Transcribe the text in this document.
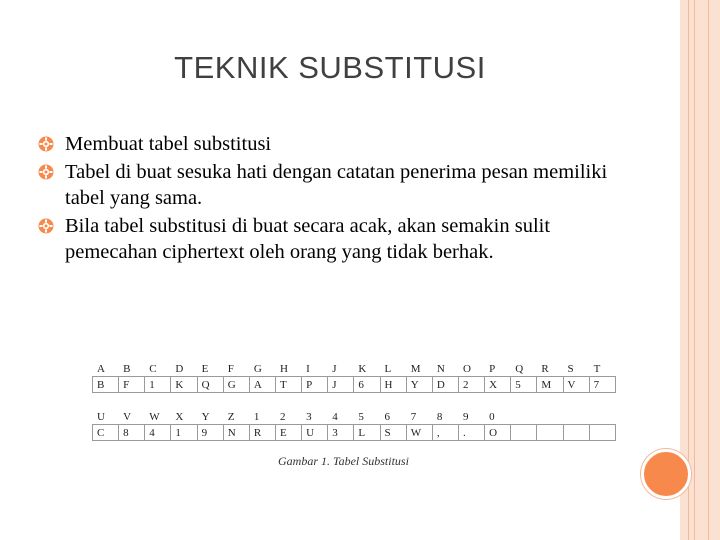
TEKNIK SUBSTITUSI
Membuat tabel substitusi
Tabel di buat sesuka hati dengan catatan penerima pesan memiliki tabel yang sama.
Bila tabel substitusi di buat secara acak, akan semakin sulit pemecahan ciphertext oleh orang yang tidak berhak.
A	B	C	D	E	F	G	H	I	J	K	L	M	N	O	P	Q	R	S	T
B	F	1	K	Q	G	A	T	P	J	6	H	Y	D	2	X	5	M	V	7
U	V	W	X	Y	Z	1	2	3	4	5	6	7	8	9	0				
C	8	4	1	9	N	R	E	U	3	L	S	W	,	.	O				
Gambar 1. Tabel Substitusi
